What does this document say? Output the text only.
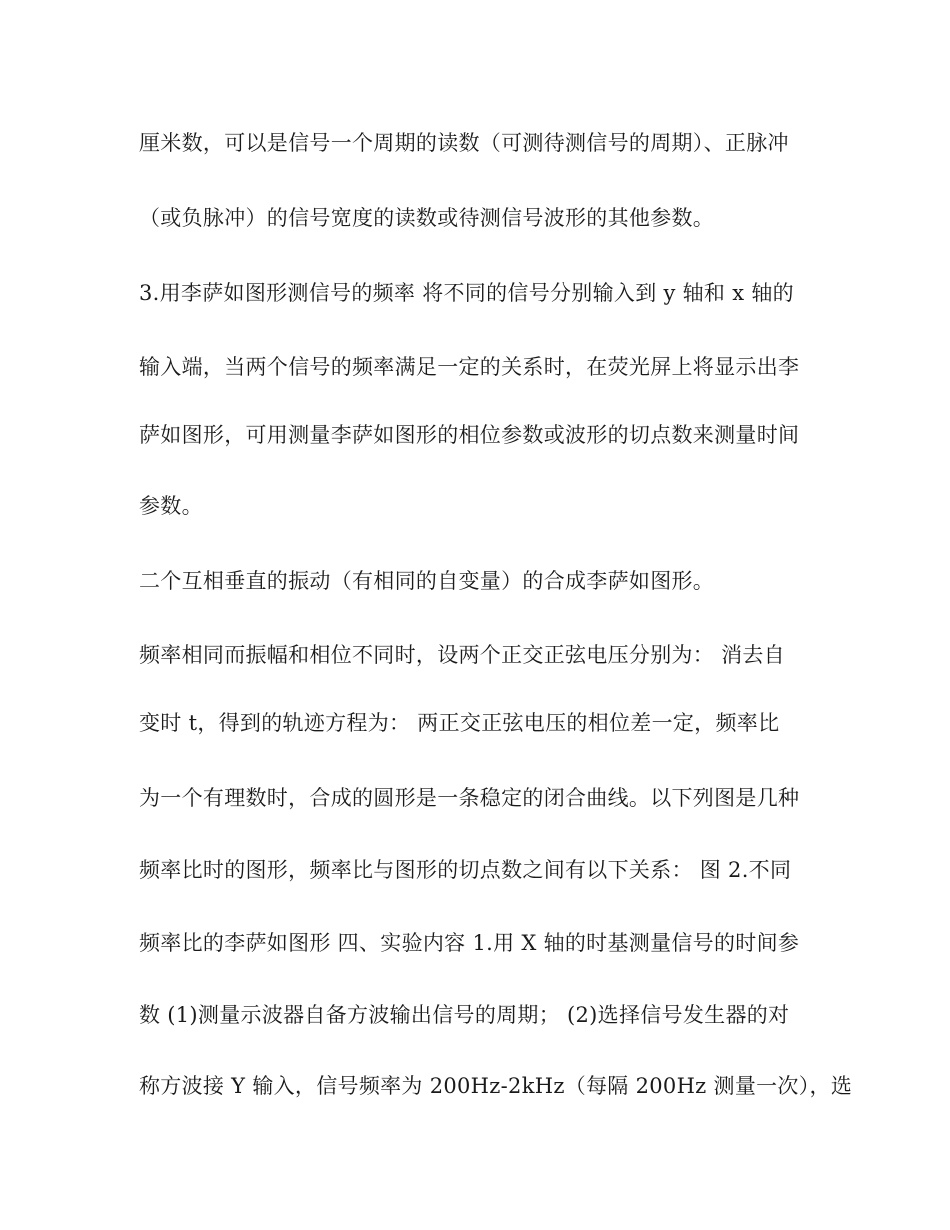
厘米数，可以是信号一个周期的读数（可测待测信号的周期）、正脉冲
（或负脉冲）的信号宽度的读数或待测信号波形的其他参数。
3.用李萨如图形测信号的频率 将不同的信号分别输入到 y 轴和 x 轴的
输入端，当两个信号的频率满足一定的关系时，在荧光屏上将显示出李
萨如图形，可用测量李萨如图形的相位参数或波形的切点数来测量时间
参数。
二个互相垂直的振动（有相同的自变量）的合成李萨如图形。
频率相同而振幅和相位不同时，设两个正交正弦电压分别为： 消去自
变时 t，得到的轨迹方程为： 两正交正弦电压的相位差一定，频率比
为一个有理数时，合成的圆形是一条稳定的闭合曲线。以下列图是几种
频率比时的图形，频率比与图形的切点数之间有以下关系： 图 2.不同
频率比的李萨如图形 四、实验内容 1.用 X 轴的时基测量信号的时间参
数 (1)测量示波器自备方波输出信号的周期； (2)选择信号发生器的对
称方波接 Y 输入，信号频率为 200Hz-2kHz（每隔 200Hz 测量一次），选
